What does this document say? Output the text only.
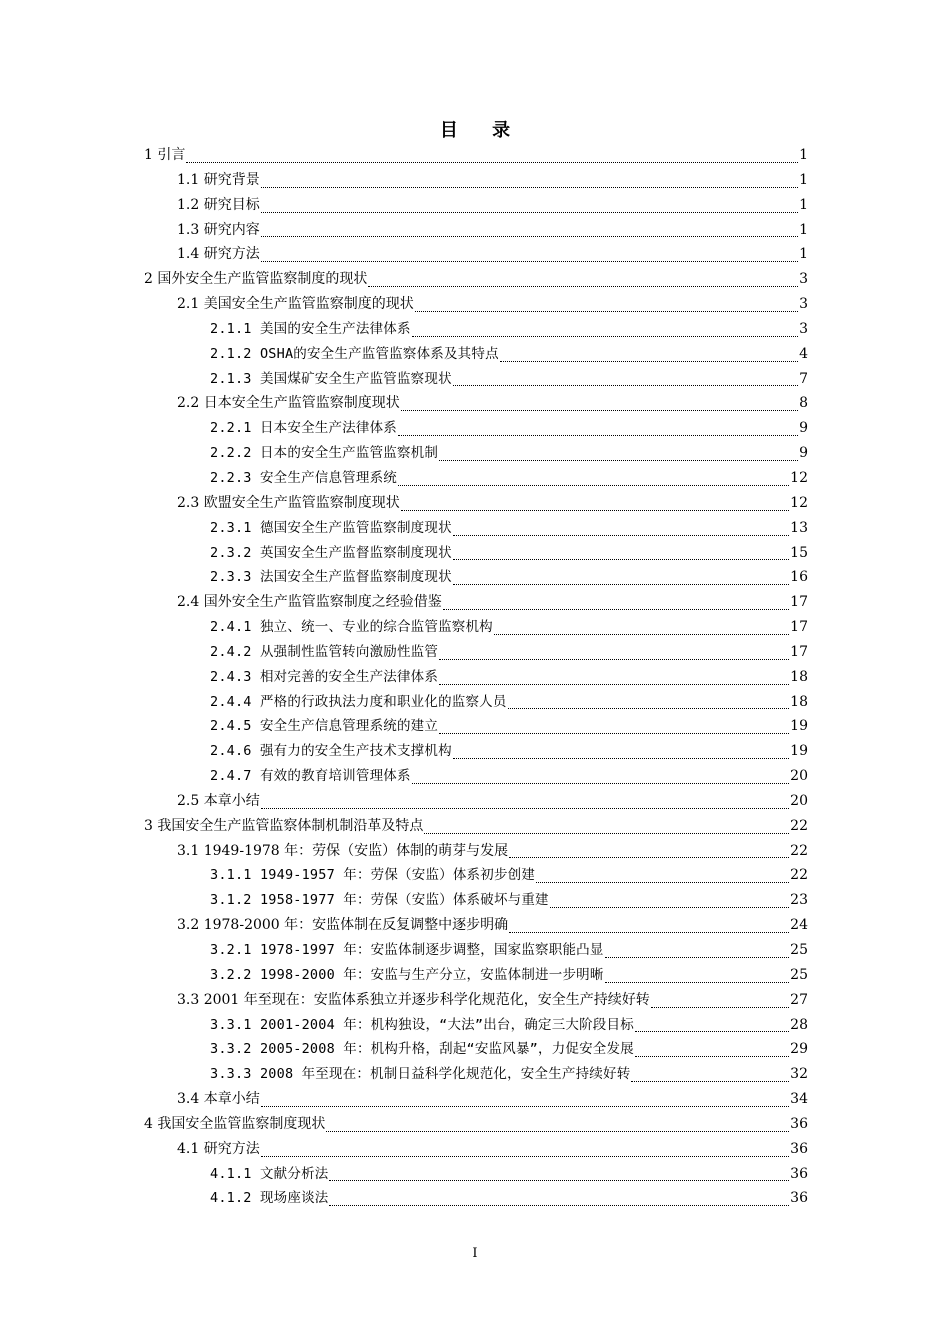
目 录
1 引言	1
1.1 研究背景	1
1.2 研究目标	1
1.3 研究内容	1
1.4 研究方法	1
2 国外安全生产监管监察制度的现状	3
2.1 美国安全生产监管监察制度的现状	3
2.1.1 美国的安全生产法律体系	3
2.1.2 OSHA的安全生产监管监察体系及其特点	4
2.1.3 美国煤矿安全生产监管监察现状	7
2.2 日本安全生产监管监察制度现状	8
2.2.1 日本安全生产法律体系	9
2.2.2 日本的安全生产监管监察机制	9
2.2.3 安全生产信息管理系统	12
2.3 欧盟安全生产监管监察制度现状	12
2.3.1 德国安全生产监管监察制度现状	13
2.3.2 英国安全生产监督监察制度现状	15
2.3.3 法国安全生产监督监察制度现状	16
2.4 国外安全生产监管监察制度之经验借鉴	17
2.4.1 独立、统一、专业的综合监管监察机构	17
2.4.2 从强制性监管转向激励性监管	17
2.4.3 相对完善的安全生产法律体系	18
2.4.4 严格的行政执法力度和职业化的监察人员	18
2.4.5 安全生产信息管理系统的建立	19
2.4.6 强有力的安全生产技术支撑机构	19
2.4.7 有效的教育培训管理体系	20
2.5 本章小结	20
3 我国安全生产监管监察体制机制沿革及特点	22
3.1 1949-1978 年：劳保（安监）体制的萌芽与发展	22
3.1.1 1949-1957 年：劳保（安监）体系初步创建	22
3.1.2 1958-1977 年：劳保（安监）体系破坏与重建	23
3.2 1978-2000 年：安监体制在反复调整中逐步明确	24
3.2.1 1978-1997 年：安监体制逐步调整，国家监察职能凸显	25
3.2.2 1998-2000 年：安监与生产分立，安监体制进一步明晰	25
3.3 2001 年至现在：安监体系独立并逐步科学化规范化，安全生产持续好转	27
3.3.1 2001-2004 年：机构独设，“大法”出台，确定三大阶段目标	28
3.3.2 2005-2008 年：机构升格，刮起“安监风暴”，力促安全发展	29
3.3.3 2008 年至现在：机制日益科学化规范化，安全生产持续好转	32
3.4 本章小结	34
4 我国安全监管监察制度现状	36
4.1 研究方法	36
4.1.1 文献分析法	36
4.1.2 现场座谈法	36
I
